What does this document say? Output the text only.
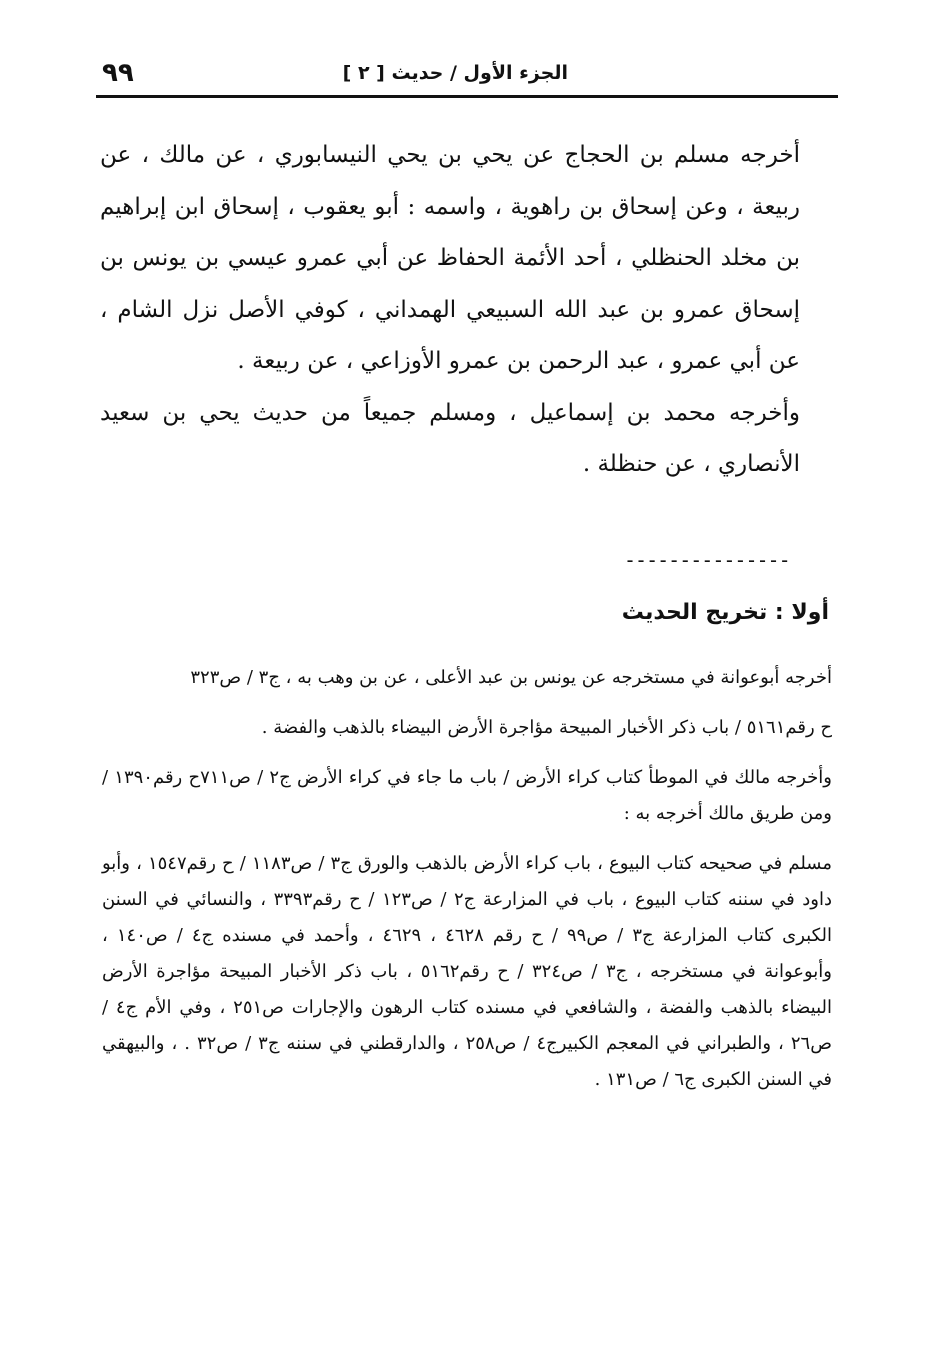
٩٩	الجزء الأول / حديث [ ٢ ]

أخرجه مسلم بن الحجاج عن يحي بن يحي النيسابوري ، عن مالك ، عن ربيعة ، وعن إسحاق بن راهوية ، واسمه : أبو يعقوب ، إسحاق ابن إبراهيم بن مخلد الحنظلي ، أحد الأئمة الحفاظ عن أبي عمرو عيسي بن يونس بن إسحاق عمرو بن عبد الله السبيعي الهمداني ، كوفي الأصل نزل الشام ، عن أبي عمرو ، عبد الرحمن بن عمرو الأوزاعي ، عن ربيعة .

وأخرجه محمد بن إسماعيل ، ومسلم جميعاً من حديث يحي بن سعيد الأنصاري ، عن حنظلة .

---------------
أولا : تخريج الحديث

أخرجه أبوعوانة في مستخرجه عن يونس بن عبد الأعلى ، عن بن وهب به ، ج٣ / ص٣٢٣

ح رقم٥١٦١ / باب ذكر الأخبار المبيحة مؤاجرة الأرض البيضاء بالذهب والفضة .

وأخرجه مالك في الموطأ كتاب كراء الأرض / باب ما جاء في كراء الأرض ج٢ / ص٧١١ح رقم١٣٩٠ / ومن طريق مالك أخرجه به :

مسلم في صحيحه كتاب البيوع ، باب كراء الأرض بالذهب والورق ج٣ / ص١١٨٣ / ح رقم١٥٤٧ ، وأبو داود في سننه كتاب البيوع ، باب في المزارعة ج٢ / ص١٢٣ / ح رقم٣٣٩٣ ، والنسائي في السنن الكبرى كتاب المزارعة ج٣ / ص٩٩ / ح رقم ٤٦٢٨ ، ٤٦٢٩ ، وأحمد في مسنده ج٤ / ص١٤٠ ، وأبوعوانة في مستخرجه ، ج٣ / ص٣٢٤ / ح رقم٥١٦٢ ، باب ذكر الأخبار المبيحة مؤاجرة الأرض البيضاء بالذهب والفضة ، والشافعي في مسنده كتاب الرهون والإجارات ص٢٥١ ، وفي الأم ج٤ / ص٢٦ ، والطبراني في المعجم الكبيرج٤ / ص٢٥٨ ، والدارقطني في سننه ج٣ / ص٣٢ . ، والبيهقي في السنن الكبرى ج٦ / ص١٣١ .
